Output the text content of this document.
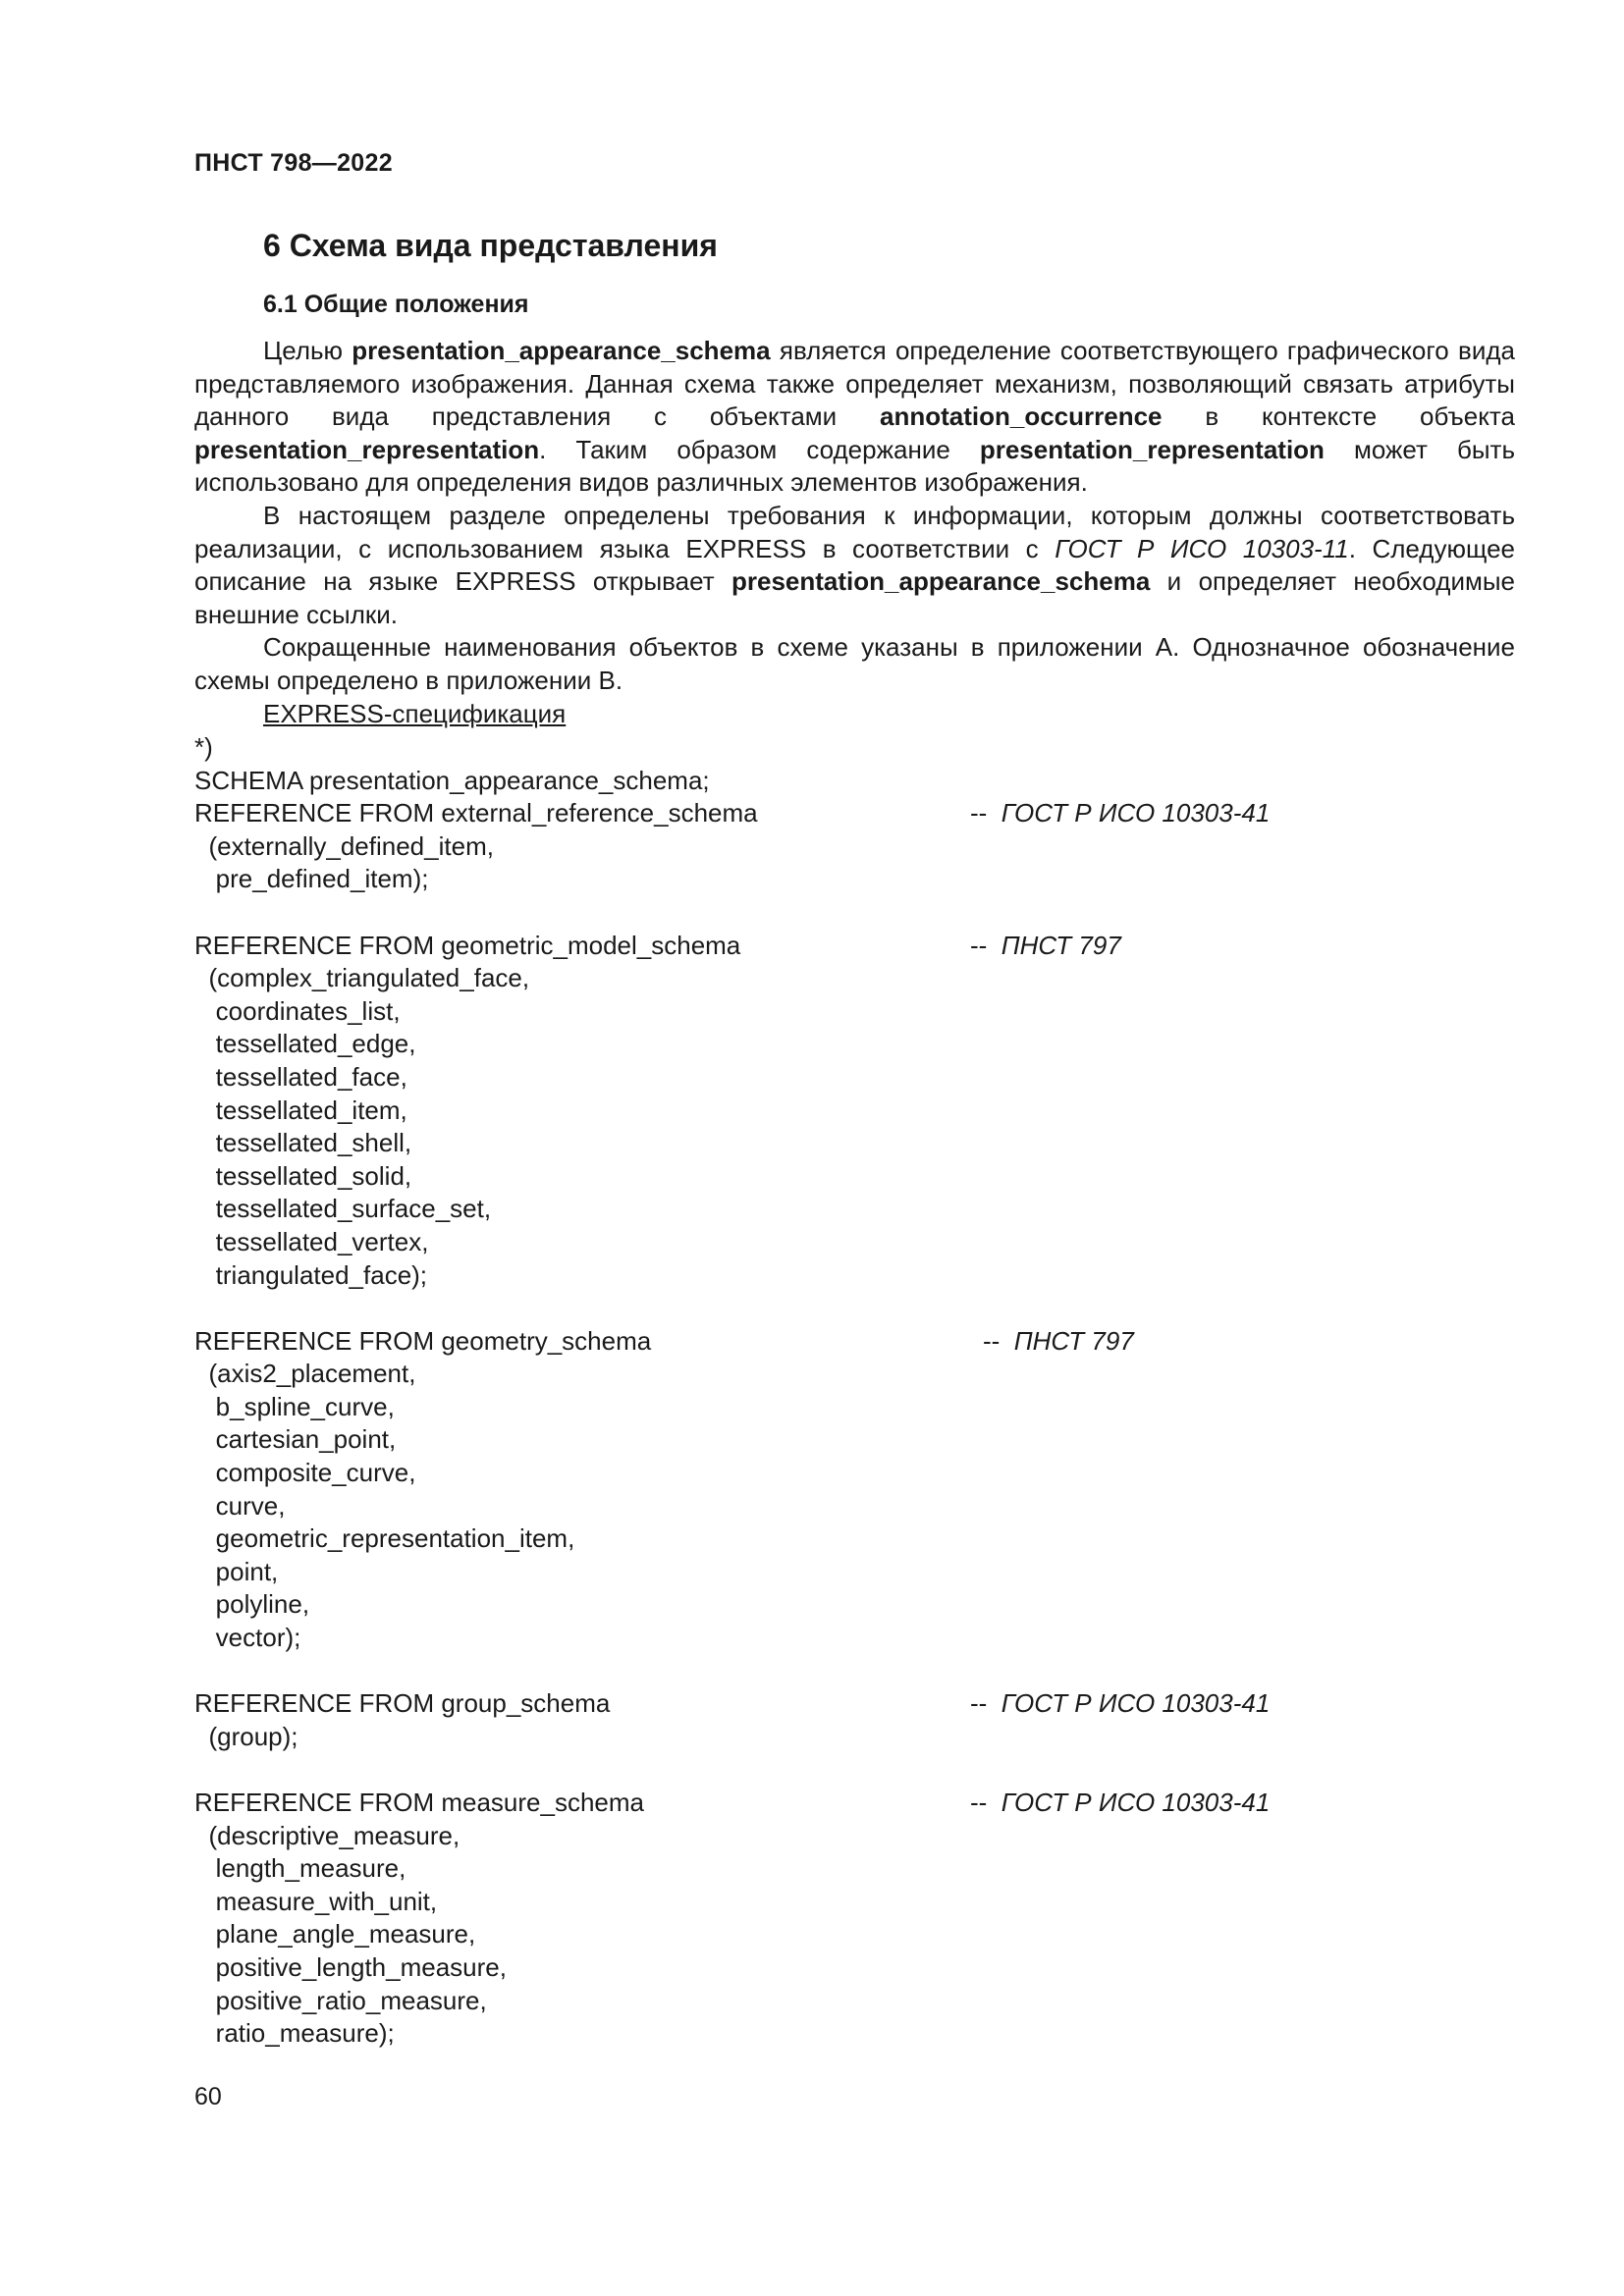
ПНСТ 798—2022
6 Схема вида представления
6.1 Общие положения

Целью presentation_appearance_schema является определение соответствующего графического вида представляемого изображения. Данная схема также определяет механизм, позволяющий связать атрибуты данного вида представления с объектами annotation_occurrence в контексте объекта presentation_representation. Таким образом содержание presentation_representation может быть использовано для определения видов различных элементов изображения.

В настоящем разделе определены требования к информации, которым должны соответствовать реализации, с использованием языка EXPRESS в соответствии с ГОСТ Р ИСО 10303-11. Следующее описание на языке EXPRESS открывает presentation_appearance_schema и определяет необходимые внешние ссылки.

Сокращенные наименования объектов в схеме указаны в приложении А. Однозначное обозначение схемы определено в приложении В.

EXPRESS-спецификация
*)
SCHEMA presentation_appearance_schema;
REFERENCE FROM external_reference_schema	-- ГОСТ Р ИСО 10303-41
(externally_defined_item,
pre_defined_item);
REFERENCE FROM geometric_model_schema	-- ПНСТ 797
(complex_triangulated_face,
coordinates_list,
tessellated_edge,
tessellated_face,
tessellated_item,
tessellated_shell,
tessellated_solid,
tessellated_surface_set,
tessellated_vertex,
triangulated_face);
REFERENCE FROM geometry_schema	-- ПНСТ 797
(axis2_placement,
b_spline_curve,
cartesian_point,
composite_curve,
curve,
geometric_representation_item,
point,
polyline,
vector);
REFERENCE FROM group_schema	-- ГОСТ Р ИСО 10303-41
(group);
REFERENCE FROM measure_schema	-- ГОСТ Р ИСО 10303-41
(descriptive_measure,
length_measure,
measure_with_unit,
plane_angle_measure,
positive_length_measure,
positive_ratio_measure,
ratio_measure);
60
